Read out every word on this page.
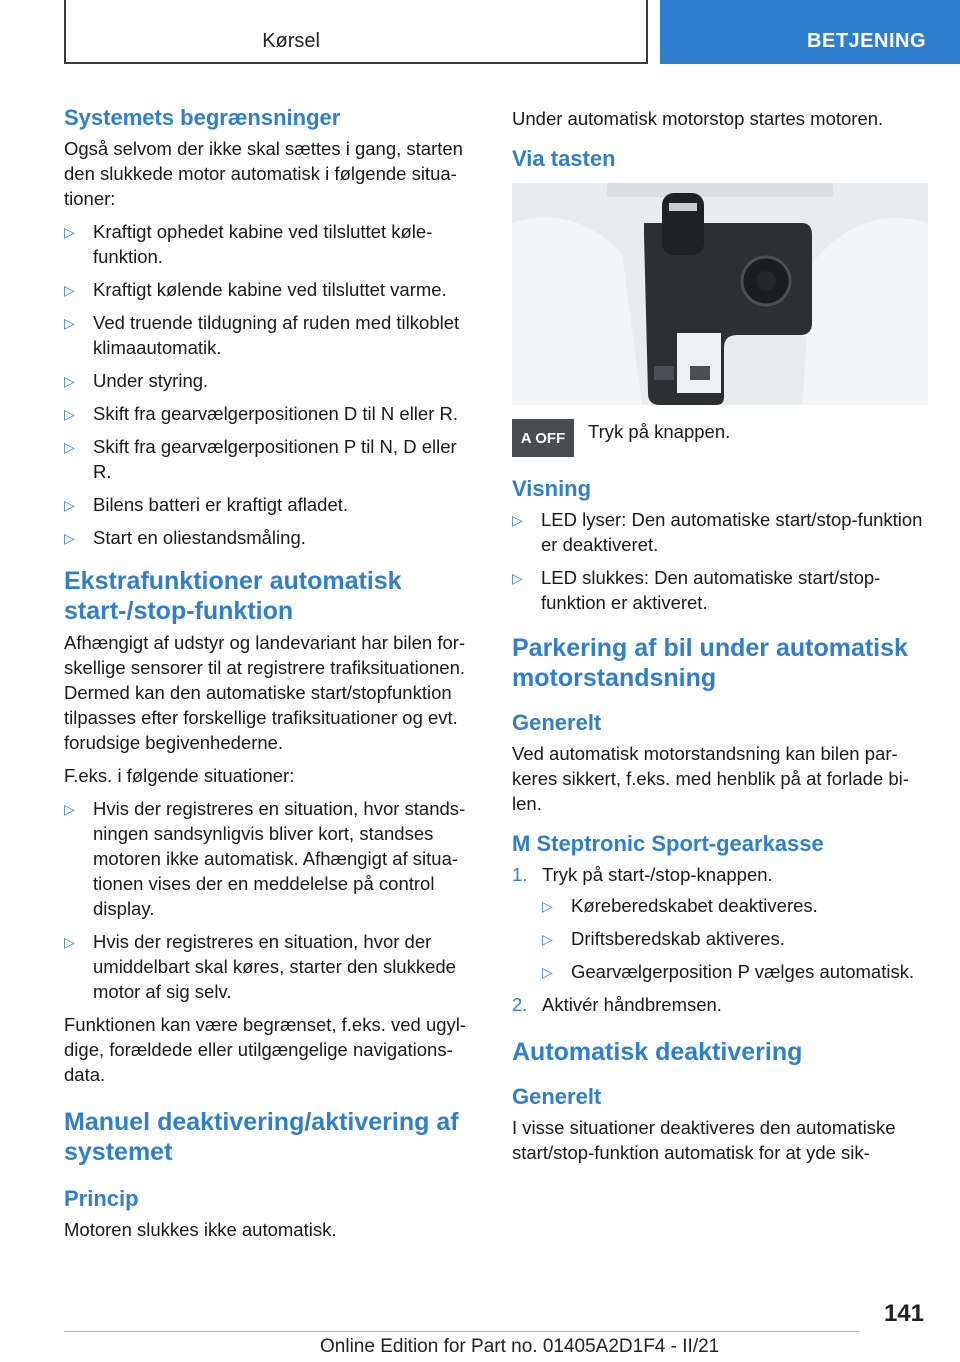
Kørsel	BETJENING
Systemets begrænsninger

Også selvom der ikke skal sættes i gang, starten den slukkede motor automatisk i følgende situationer:

▷ Kraftigt ophedet kabine ved tilsluttet kølefunktion.
▷ Kraftigt kølende kabine ved tilsluttet varme.
▷ Ved truende tildugning af ruden med tilkoblet klimaautomatik.
▷ Under styring.
▷ Skift fra gearvælgerpositionen D til N eller R.
▷ Skift fra gearvælgerpositionen P til N, D eller R.
▷ Bilens batteri er kraftigt afladet.
▷ Start en oliestandsmåling.
Ekstrafunktioner automatisk start-/stop-funktion

Afhængigt af udstyr og landevariant har bilen forskellige sensorer til at registrere trafiksituationen. Dermed kan den automatiske start/stopfunktion tilpasses efter forskellige trafiksituationer og evt. forudsige begivenhederne.

F.eks. i følgende situationer:

▷ Hvis der registreres en situation, hvor standsningen sandsynligvis bliver kort, standses motoren ikke automatisk. Afhængigt af situationen vises der en meddelelse på control display.
▷ Hvis der registreres en situation, hvor der umiddelbart skal køres, starter den slukkede motor af sig selv.

Funktionen kan være begrænset, f.eks. ved ugyldige, forældede eller utilgængelige navigationsdata.

Manuel deaktivering/aktivering af systemet
Princip

Motoren slukkes ikke automatisk.

Under automatisk motorstop startes motoren.

Via tasten
A OFF	Tryk på knappen.
Visning
▷ LED lyser: Den automatiske start/stop-funktion er deaktiveret.
▷ LED slukkes: Den automatiske start/stopfunktion er aktiveret.
Parkering af bil under automatisk motorstandsning
Generelt

Ved automatisk motorstandsning kan bilen parkeres sikkert, f.eks. med henblik på at forlade bilen.

M Steptronic Sport-gearkasse
1. Tryk på start-/stop-knappen.
▷ Køreberedskabet deaktiveres.
▷ Driftsberedskab aktiveres.
▷ Gearvælgerposition P vælges automatisk.
2. Aktivér håndbremsen.
Automatisk deaktivering
Generelt

I visse situationer deaktiveres den automatiske start/stop-funktion automatisk for at yde sik-

141
Online Edition for Part no. 01405A2D1F4 - II/21
